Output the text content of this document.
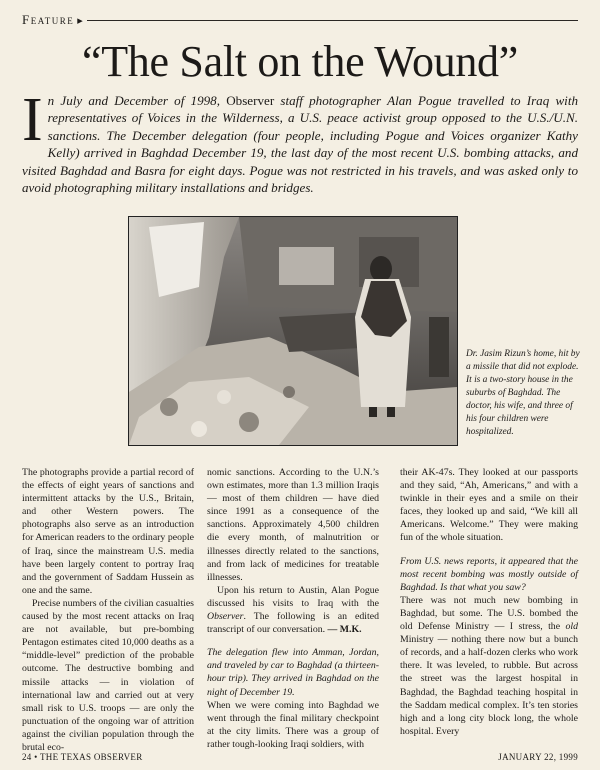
Feature ▸
“The Salt on the Wound”
In July and December of 1998, Observer staff photographer Alan Pogue travelled to Iraq with representatives of Voices in the Wilderness, a U.S. peace activist group opposed to the U.S./U.N. sanctions. The December delegation (four people, including Pogue and Voices organizer Kathy Kelly) arrived in Baghdad December 19, the last day of the most recent U.S. bombing attacks, and visited Baghdad and Basra for eight days. Pogue was not restricted in his travels, and was asked only to avoid photographing military installations and bridges.
Dr. Jasim Rizun’s home, hit by a missile that did not explode. It is a two-story house in the suburbs of Baghdad. The doctor, his wife, and three of his four children were hospitalized.

The photographs provide a partial record of the effects of eight years of sanctions and intermittent attacks by the U.S., Britain, and other Western powers. The photographs also serve as an introduction for American readers to the ordinary people of Iraq, since the mainstream U.S. media have been largely content to portray Iraq and the government of Saddam Hussein as one and the same.

Precise numbers of the civilian casualties caused by the most recent attacks on Iraq are not available, but pre-bombing Pentagon estimates cited 10,000 deaths as a “middle-level” prediction of the probable outcome. The destructive bombing and missile attacks — in violation of international law and carried out at very small risk to U.S. troops — are only the punctuation of the ongoing war of attrition against the civilian population through the brutal eco-

nomic sanctions. According to the U.N.’s own estimates, more than 1.3 million Iraqis — most of them children — have died since 1991 as a consequence of the sanctions. Approximately 4,500 children die every month, of malnutrition or illnesses directly related to the sanctions, and from lack of medicines for treatable illnesses.

Upon his return to Austin, Alan Pogue discussed his visits to Iraq with the Observer. The following is an edited transcript of our conversation. — M.K.

The delegation flew into Amman, Jordan, and traveled by car to Baghdad (a thirteen-hour trip). They arrived in Baghdad on the night of December 19.

When we were coming into Baghdad we went through the final military checkpoint at the city limits. There was a group of rather tough-looking Iraqi soldiers, with

their AK-47s. They looked at our passports and they said, “Ah, Americans,” and with a twinkle in their eyes and a smile on their faces, they looked up and said, “We kill all Americans. Welcome.” They were making fun of the whole situation.

From U.S. news reports, it appeared that the most recent bombing was mostly outside of Baghdad. Is that what you saw?

There was not much new bombing in Baghdad, but some. The U.S. bombed the old Defense Ministry — I stress, the old Ministry — nothing there now but a bunch of records, and a half-dozen clerks who work there. It was leveled, to rubble. But across the street was the largest hospital in Baghdad, the Baghdad teaching hospital in the Saddam medical complex. It’s ten stories high and a long city block long, the whole hospital. Every

24 • THE TEXAS OBSERVER	JANUARY 22, 1999
